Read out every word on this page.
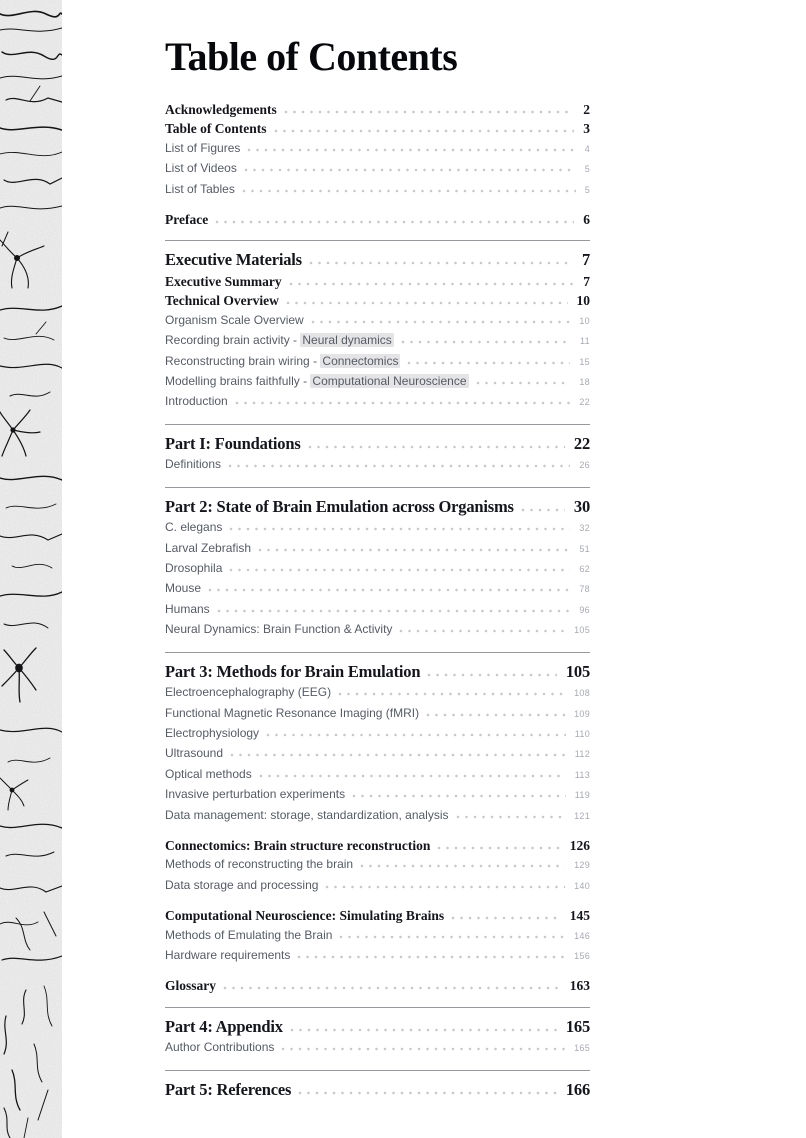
Table of Contents
Acknowledgements	2
Table of Contents	3
List of Figures	4
List of Videos	5
List of Tables	5
Preface	6
Executive Materials	7
Executive Summary	7
Technical Overview	10
Organism Scale Overview	10
Recording brain activity - Neural dynamics	11
Reconstructing brain wiring - Connectomics	15
Modelling brains faithfully - Computational Neuroscience	18
Introduction	22
Part I: Foundations	22
Definitions	26
Part 2: State of Brain Emulation across Organisms	30
C. elegans	32
Larval Zebrafish	51
Drosophila	62
Mouse	78
Humans	96
Neural Dynamics: Brain Function & Activity	105
Part 3: Methods for Brain Emulation	105
Electroencephalography (EEG)	108
Functional Magnetic Resonance Imaging (fMRI)	109
Electrophysiology	110
Ultrasound	112
Optical methods	113
Invasive perturbation experiments	119
Data management: storage, standardization, analysis	121
Connectomics: Brain structure reconstruction	126
Methods of reconstructing the brain	129
Data storage and processing	140
Computational Neuroscience: Simulating Brains	145
Methods of Emulating the Brain	146
Hardware requirements	156
Glossary	163
Part 4: Appendix	165
Author Contributions	165
Part 5: References	166
